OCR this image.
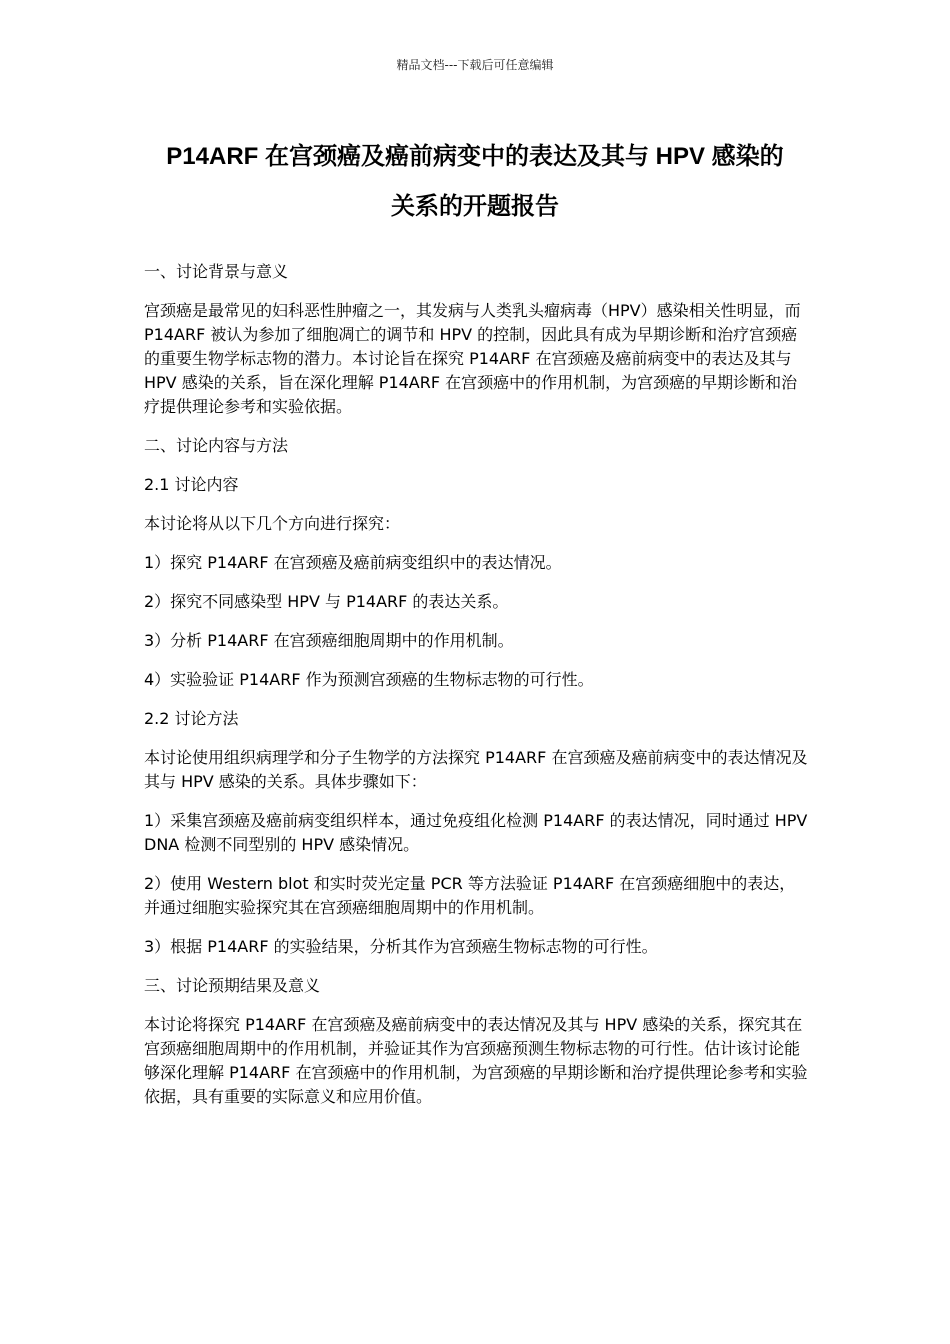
精品文档---下载后可任意编辑
P14ARF 在宫颈癌及癌前病变中的表达及其与 HPV 感染的
关系的开题报告

一、讨论背景与意义

宫颈癌是最常见的妇科恶性肿瘤之一，其发病与人类乳头瘤病毒（HPV）感染相关性明显，而 P14ARF 被认为参加了细胞凋亡的调节和 HPV 的控制，因此具有成为早期诊断和治疗宫颈癌的重要生物学标志物的潜力。本讨论旨在探究 P14ARF 在宫颈癌及癌前病变中的表达及其与 HPV 感染的关系，旨在深化理解 P14ARF 在宫颈癌中的作用机制，为宫颈癌的早期诊断和治疗提供理论参考和实验依据。

二、讨论内容与方法

2.1 讨论内容

本讨论将从以下几个方向进行探究：

1）探究 P14ARF 在宫颈癌及癌前病变组织中的表达情况。

2）探究不同感染型 HPV 与 P14ARF 的表达关系。

3）分析 P14ARF 在宫颈癌细胞周期中的作用机制。

4）实验验证 P14ARF 作为预测宫颈癌的生物标志物的可行性。

2.2 讨论方法

本讨论使用组织病理学和分子生物学的方法探究 P14ARF 在宫颈癌及癌前病变中的表达情况及其与 HPV 感染的关系。具体步骤如下：

1）采集宫颈癌及癌前病变组织样本，通过免疫组化检测 P14ARF 的表达情况，同时通过 HPV DNA 检测不同型别的 HPV 感染情况。

2）使用 Western blot 和实时荧光定量 PCR 等方法验证 P14ARF 在宫颈癌细胞中的表达，并通过细胞实验探究其在宫颈癌细胞周期中的作用机制。

3）根据 P14ARF 的实验结果，分析其作为宫颈癌生物标志物的可行性。

三、讨论预期结果及意义

本讨论将探究 P14ARF 在宫颈癌及癌前病变中的表达情况及其与 HPV 感染的关系，探究其在宫颈癌细胞周期中的作用机制，并验证其作为宫颈癌预测生物标志物的可行性。估计该讨论能够深化理解 P14ARF 在宫颈癌中的作用机制，为宫颈癌的早期诊断和治疗提供理论参考和实验依据，具有重要的实际意义和应用价值。
